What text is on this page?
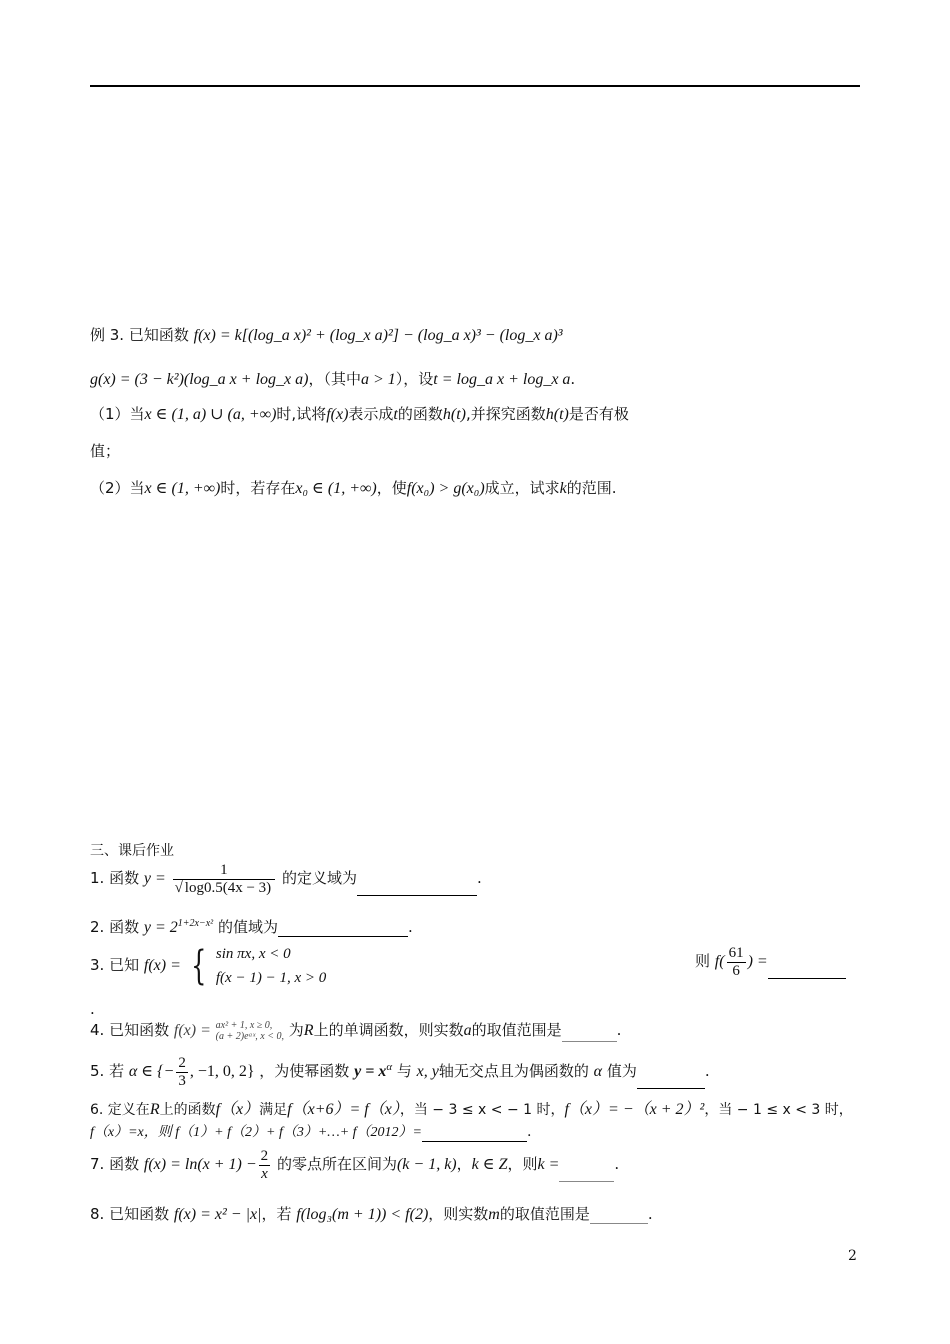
例 3. 已知函数 f(x) = k[(log_a x)² + (log_x a)²] − (log_a x)³ − (log_x a)³
g(x) = (3 − k²)(log_a x + log_x a)，（其中a > 1），设t = log_a x + log_x a.
（1）当x ∈ (1, a) ∪ (a, +∞)时,试将f(x)表示成t的函数h(t),并探究函数h(t)是否有极
值；
（2）当x ∈ (1, +∞)时，若存在x₀ ∈ (1, +∞)，使f(x₀) > g(x₀)成立，试求k的范围.
三、课后作业
1. 函数 $y = \frac{1}{√ \log 0.5(4x - 3)}$ 的定义域为	.
2. 函数 $y = 2^{1+2x-x^2}$ 的值域为	.
3. 已知 f(x) = { sin πx, x < 0
f(x − 1) − 1, x > 0
则 $f( \frac{61}{6}$ ) =
.
4. 已知函数 f(x) = ax² + 1, x ≥ 0,
(a + 2)eᵃˣ, x < 0, 为R上的单调函数，则实数a的取值范围是	.
5. 若 α ∈ {− $\frac{2}{3}$ , −1, 0, 2} ，为使幂函数 $y = x^\alpha$ 与 x, y轴无交点且为偶函数的 α 值为	.
6. 定义在R上的函数f（x）满足f（x+6）= f（x），当 − 3 ≤ x < − 1 时，f（x）= −（x + 2）²，当 − 1 ≤ x < 3 时，
f（x）=x，则 f（1）+ f（2）+ f（3）+…+ f（2012）=	.
7. 函数 $f(x) = \ln(x + 1) - \frac{2}{x}$ 的零点所在区间为(k − 1, k)，k ∈ Z，则k =	.
8. 已知函数 f(x) = x² − |x|，若 f(log₃(m + 1)) < f(2)，则实数m的取值范围是	.
2
